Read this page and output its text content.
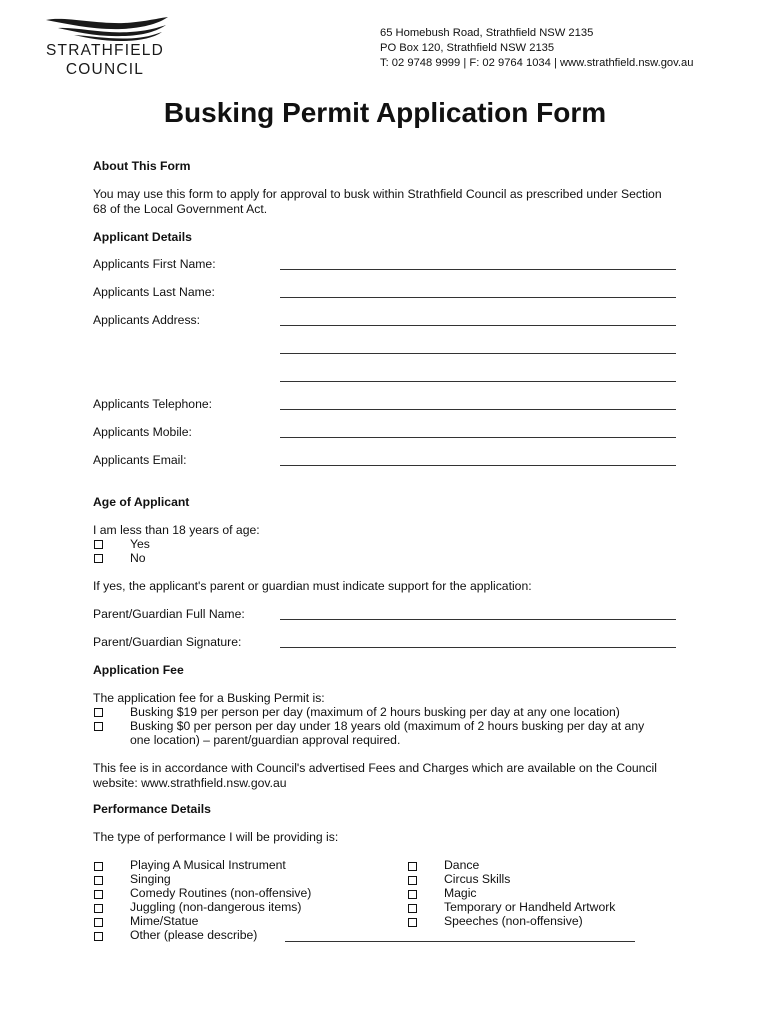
STRATHFIELD
COUNCIL
65 Homebush Road, Strathfield NSW 2135
PO Box 120, Strathfield NSW 2135
T: 02 9748 9999 | F: 02 9764 1034 | www.strathfield.nsw.gov.au
Busking Permit Application Form
About This Form
You may use this form to apply for approval to busk within Strathfield Council as prescribed under Section 68 of the Local Government Act.
Applicant Details
Applicants First Name:
Applicants Last Name:
Applicants Address:
Applicants Telephone:
Applicants Mobile:
Applicants Email:
Age of Applicant
I am less than 18 years of age:
Yes
No
If yes, the applicant's parent or guardian must indicate support for the application:
Parent/Guardian Full Name:
Parent/Guardian Signature:
Application Fee
The application fee for a Busking Permit is:
Busking $19 per person per day (maximum of 2 hours busking per day at any one location)
Busking $0 per person per day under 18 years old (maximum of 2 hours busking per day at any
one location) – parent/guardian approval required.
This fee is in accordance with Council's advertised Fees and Charges which are available on the Council website: www.strathfield.nsw.gov.au
Performance Details
The type of performance I will be providing is:
Playing A Musical Instrument
Singing
Comedy Routines (non-offensive)
Juggling (non-dangerous items)
Mime/Statue
Other (please describe)
Dance
Circus Skills
Magic
Temporary or Handheld Artwork
Speeches (non-offensive)
